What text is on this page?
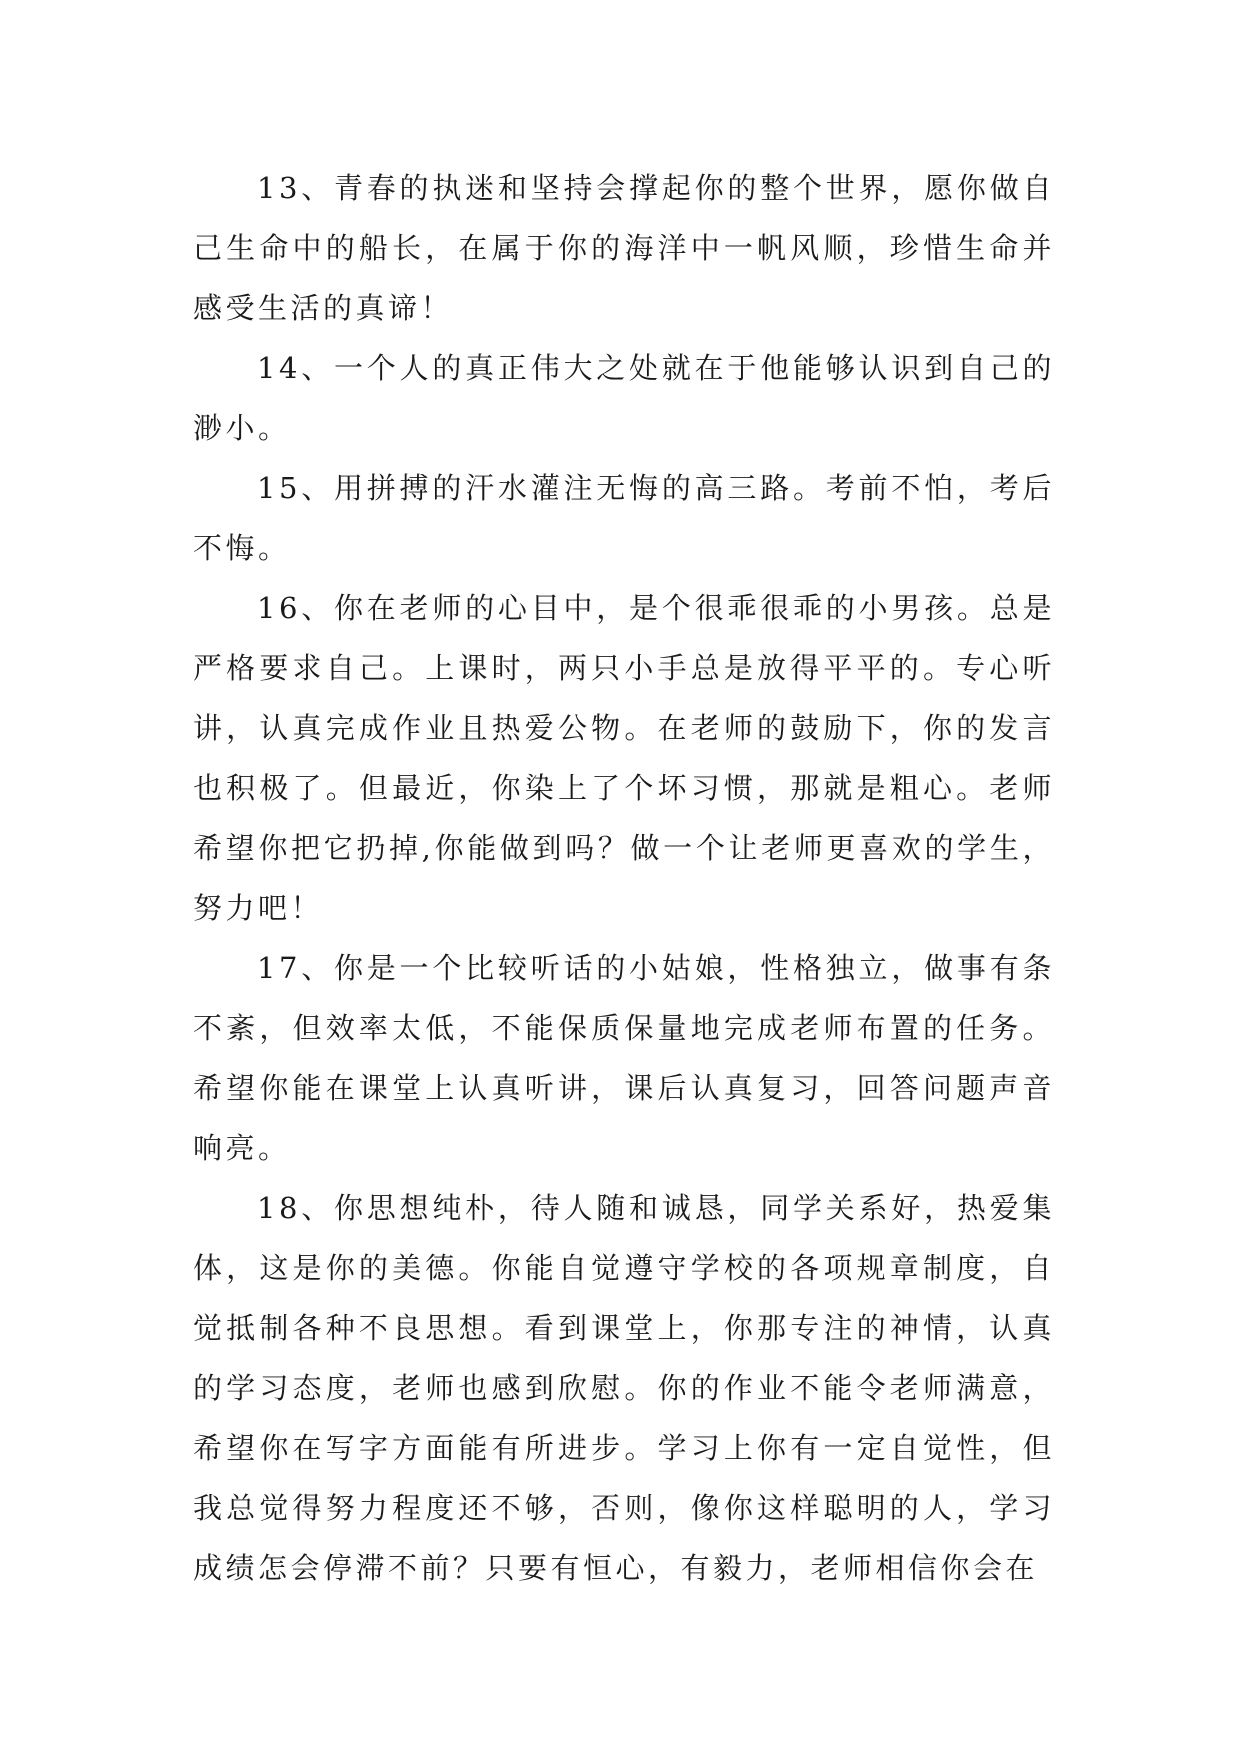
13、青春的执迷和坚持会撑起你的整个世界，愿你做自己生命中的船长，在属于你的海洋中一帆风顺，珍惜生命并感受生活的真谛！

14、一个人的真正伟大之处就在于他能够认识到自己的渺小。

15、用拼搏的汗水灌注无悔的高三路。考前不怕，考后不悔。

16、你在老师的心目中，是个很乖很乖的小男孩。总是严格要求自己。上课时，两只小手总是放得平平的。专心听讲，认真完成作业且热爱公物。在老师的鼓励下，你的发言也积极了。但最近，你染上了个坏习惯，那就是粗心。老师希望你把它扔掉,你能做到吗？做一个让老师更喜欢的学生，努力吧！

17、你是一个比较听话的小姑娘，性格独立，做事有条不紊，但效率太低，不能保质保量地完成老师布置的任务。希望你能在课堂上认真听讲，课后认真复习，回答问题声音响亮。

18、你思想纯朴，待人随和诚恳，同学关系好，热爱集体，这是你的美德。你能自觉遵守学校的各项规章制度，自觉抵制各种不良思想。看到课堂上，你那专注的神情，认真的学习态度，老师也感到欣慰。你的作业不能令老师满意，希望你在写字方面能有所进步。学习上你有一定自觉性，但我总觉得努力程度还不够，否则，像你这样聪明的人，学习成绩怎会停滞不前？只要有恒心，有毅力，老师相信你会在
